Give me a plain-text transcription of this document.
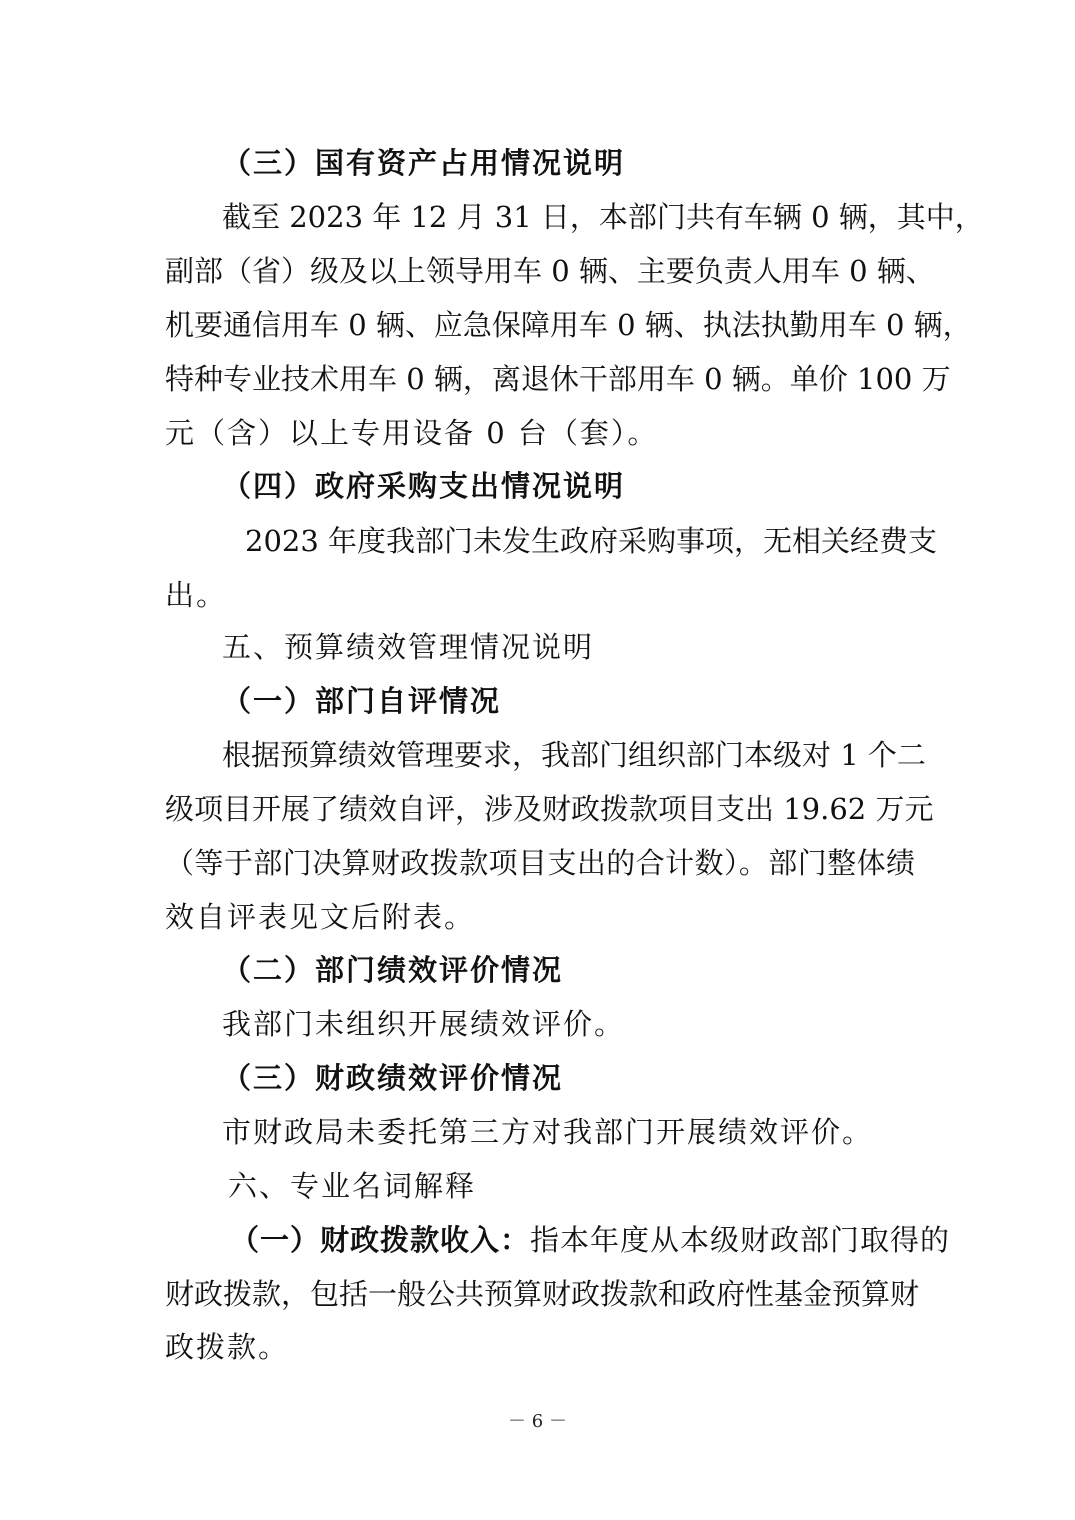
（三）国有资产占用情况说明
截至 2023 年 12 月 31 日，本部门共有车辆 0 辆，其中，
副部（省）级及以上领导用车 0 辆、主要负责人用车 0 辆、
机要通信用车 0 辆、应急保障用车 0 辆、执法执勤用车 0 辆，
特种专业技术用车 0 辆，离退休干部用车 0 辆。单价 100 万
元（含）以上专用设备 0 台（套）。
（四）政府采购支出情况说明
2023 年度我部门未发生政府采购事项，无相关经费支
出。
五、预算绩效管理情况说明
（一）部门自评情况
根据预算绩效管理要求，我部门组织部门本级对 1 个二
级项目开展了绩效自评，涉及财政拨款项目支出 19.62 万元
（等于部门决算财政拨款项目支出的合计数）。部门整体绩
效自评表见文后附表。
（二）部门绩效评价情况
我部门未组织开展绩效评价。
（三）财政绩效评价情况
市财政局未委托第三方对我部门开展绩效评价。
六、专业名词解释
（一）财政拨款收入：指本年度从本级财政部门取得的
财政拨款，包括一般公共预算财政拨款和政府性基金预算财
政拨款。
－ 6 －
